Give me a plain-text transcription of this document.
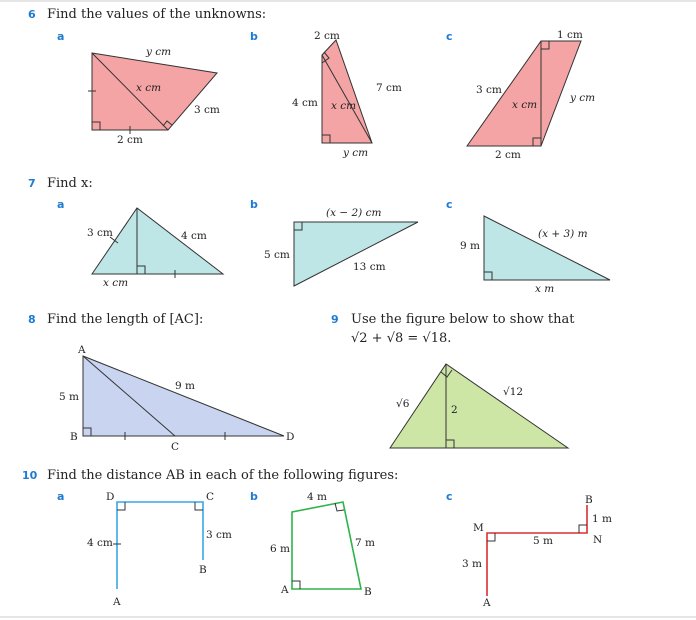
6 Find the values of the unknowns:
a	b	c
y cm
x cm
3 cm
2 cm
2 cm
4 cm x cm
7 cm
y cm
1 cm
3 cm
x cm
y cm
2 cm
7 Find x:
a	b	c
3 cm	4 cm
x cm
(x − 2) cm
5 cm
13 cm
(x + 3) m
9 m
x m
8 Find the length of [AC]:
A
B
C
D
5 m
9 m
9 Use the figure below to show that
√2 + √8 = √18.
√6	2
√12
10 Find the distance AB in each of the following figures:
a	b	c
D	C
B
A
4 cm
3 cm
4 m
6 m	7 m
A	B
B
1 m
M
N
5 m
3 m
A
